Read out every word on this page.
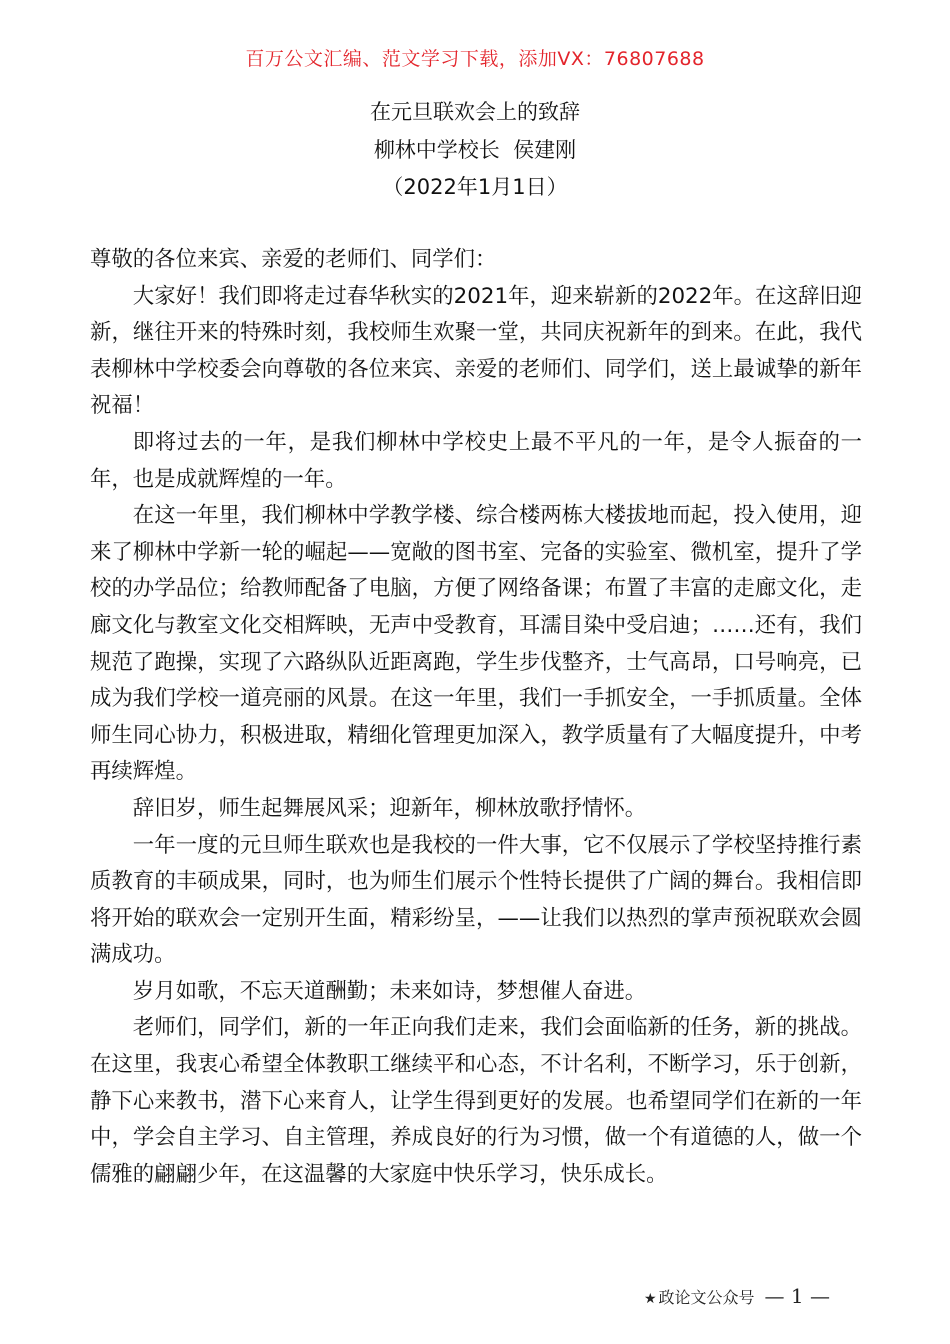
百万公文汇编、范文学习下载，添加VX：76807688
在元旦联欢会上的致辞
柳林中学校长  侯建刚
（2022年1月1日）

尊敬的各位来宾、亲爱的老师们、同学们：

大家好！我们即将走过春华秋实的2021年，迎来崭新的2022年。在这辞旧迎新，继往开来的特殊时刻，我校师生欢聚一堂，共同庆祝新年的到来。在此，我代表柳林中学校委会向尊敬的各位来宾、亲爱的老师们、同学们，送上最诚挚的新年祝福！

即将过去的一年，是我们柳林中学校史上最不平凡的一年，是令人振奋的一年，也是成就辉煌的一年。

在这一年里，我们柳林中学教学楼、综合楼两栋大楼拔地而起，投入使用，迎来了柳林中学新一轮的崛起——宽敞的图书室、完备的实验室、微机室，提升了学校的办学品位；给教师配备了电脑，方便了网络备课；布置了丰富的走廊文化，走廊文化与教室文化交相辉映，无声中受教育，耳濡目染中受启迪；……还有，我们规范了跑操，实现了六路纵队近距离跑，学生步伐整齐，士气高昂，口号响亮，已成为我们学校一道亮丽的风景。在这一年里，我们一手抓安全，一手抓质量。全体师生同心协力，积极进取，精细化管理更加深入，教学质量有了大幅度提升，中考再续辉煌。

辞旧岁，师生起舞展风采；迎新年，柳林放歌抒情怀。

一年一度的元旦师生联欢也是我校的一件大事，它不仅展示了学校坚持推行素质教育的丰硕成果，同时，也为师生们展示个性特长提供了广阔的舞台。我相信即将开始的联欢会一定别开生面，精彩纷呈，——让我们以热烈的掌声预祝联欢会圆满成功。

岁月如歌，不忘天道酬勤；未来如诗，梦想催人奋进。

老师们，同学们，新的一年正向我们走来，我们会面临新的任务，新的挑战。在这里，我衷心希望全体教职工继续平和心态，不计名利，不断学习，乐于创新，静下心来教书，潜下心来育人，让学生得到更好的发展。也希望同学们在新的一年中，学会自主学习、自主管理，养成良好的行为习惯，做一个有道德的人，做一个儒雅的翩翩少年，在这温馨的大家庭中快乐学习，快乐成长。

★ 政论文公众号 — 1 —
